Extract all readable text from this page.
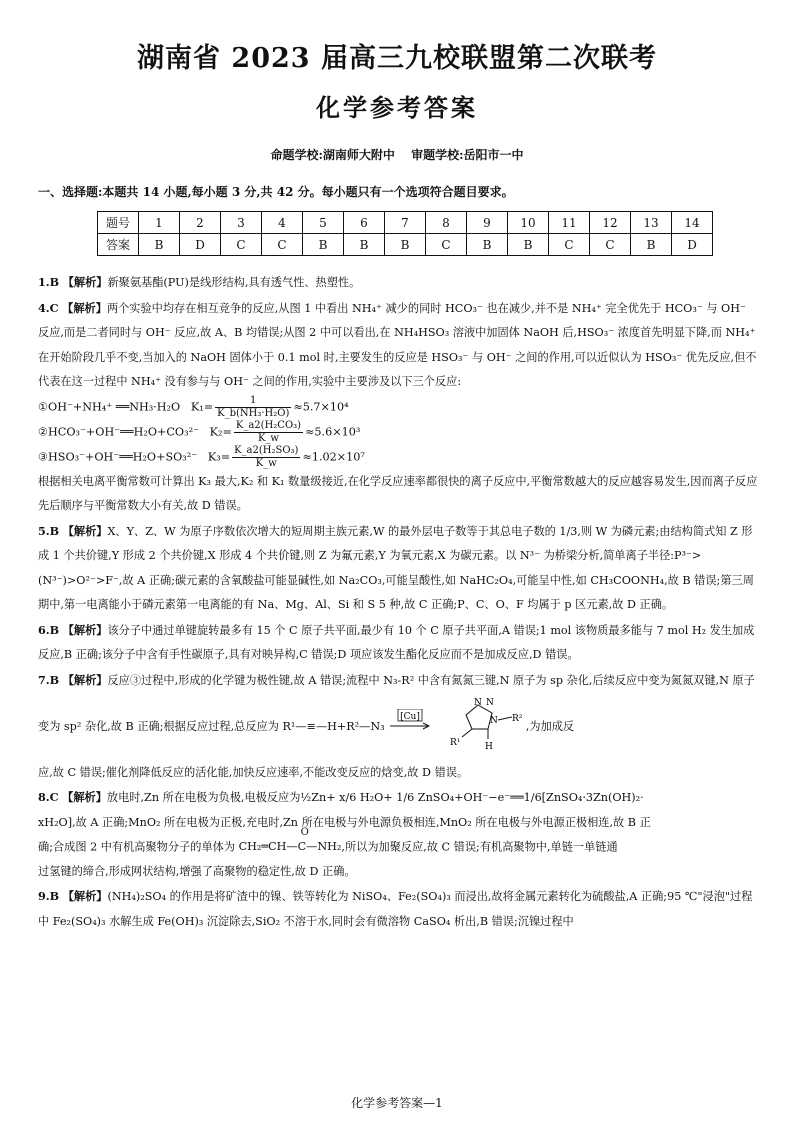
湖南省 2023 届高三九校联盟第二次联考
化学参考答案
命题学校:湖南师大附中 审题学校:岳阳市一中
一、选择题:本题共 14 小题,每小题 3 分,共 42 分。每小题只有一个选项符合题目要求。
题号	1	2	3	4	5	6	7	8	9	10	11	12	13	14
答案	B	D	C	C	B	B	B	C	B	B	C	C	B	D

1.B 【解析】新聚氨基酯(PU)是线形结构,具有透气性、热塑性。

4.C 【解析】两个实验中均存在相互竞争的反应,从图 1 中看出 NH₄⁺ 减少的同时 HCO₃⁻ 也在减少,并不是 NH₄⁺ 完全优先于 HCO₃⁻ 与 OH⁻ 反应,而是二者同时与 OH⁻ 反应,故 A、B 均错误;从图 2 中可以看出,在 NH₄HSO₃ 溶液中加固体 NaOH 后,HSO₃⁻ 浓度首先明显下降,而 NH₄⁺ 在开始阶段几乎不变,当加入的 NaOH 固体小于 0.1 mol 时,主要发生的反应是 HSO₃⁻ 与 OH⁻ 之间的作用,可以近似认为 HSO₃⁻ 优先反应,但不代表在这一过程中 NH₄⁺ 没有参与与 OH⁻ 之间的作用,实验中主要涉及以下三个反应:

①OH⁻+NH₄⁺ ══NH₃·H₂O $K_1= \frac{1}{\text{K\_b(NH₃·H₂O)}} \approx 5.7\times 10^4$

②HCO₃⁻+OH⁻══H₂O+CO₃²⁻ $K_2= \frac{\text{K\_a2(H₂CO₃)}}{K\_w} \approx 5.6\times 10^3$

③HSO₃⁻+OH⁻══H₂O+SO₃²⁻ $K_3= \frac{\text{K\_a2(H₂SO₃)}}{K\_w} \approx 1.02\times 10^7$

根据相关电离平衡常数可计算出 K₃ 最大,K₂ 和 K₁ 数量级接近,在化学反应速率都很快的离子反应中,平衡常数越大的反应越容易发生,因而离子反应先后顺序与平衡常数大小有关,故 D 错误。

5.B 【解析】X、Y、Z、W 为原子序数依次增大的短周期主族元素,W 的最外层电子数等于其总电子数的 1/3,则 W 为磷元素;由结构简式知 Z 形成 1 个共价键,Y 形成 2 个共价键,X 形成 4 个共价键,则 Z 为氟元素,Y 为氧元素,X 为碳元素。以 N³⁻ 为桥梁分析,简单离子半径:P³⁻>(N³⁻)>O²⁻>F⁻,故 A 正确;碳元素的含氧酸盐可能显碱性,如 Na₂CO₃,可能呈酸性,如 NaHC₂O₄,可能呈中性,如 CH₃COONH₄,故 B 错误;第三周期中,第一电离能小于磷元素第一电离能的有 Na、Mg、Al、Si 和 S 5 种,故 C 正确;P、C、O、F 均属于 p 区元素,故 D 正确。

6.B 【解析】该分子中通过单键旋转最多有 15 个 C 原子共平面,最少有 10 个 C 原子共平面,A 错误;1 mol 该物质最多能与 7 mol H₂ 发生加成反应,B 正确;该分子中含有手性碳原子,具有对映异构,C 错误;D 项应该发生酯化反应而不是加成反应,D 错误。

7.B 【解析】反应③过程中,形成的化学键为极性键,故 A 错误;流程中 N₃-R² 中含有氮氮三键,N 原子为 sp 杂化,后续反应中变为氮氮双键,N 原子变为 sp² 杂化,故 B 正确;根据反应过程,总反应为 R¹—≡—H+R²—N₃
[Cu]

N N
N R²
R¹	H
,为加成反

应,故 C 错误;催化剂降低反应的活化能,加快反应速率,不能改变反应的焓变,故 D 错误。

8.C 【解析】放电时,Zn 所在电极为负极,电极反应为½Zn+ x/6 H₂O+ 1/6 ZnSO₄+OH⁻−e⁻══1/6[ZnSO₄·3Zn(OH)₂·

xH₂O],故 A 正确;MnO₂ 所在电极为正极,充电时,Zn 所在电极与外电源负极相连,MnO₂ 所在电极与外电源正极相连,故 B 正

确;合成图 2 中有机高聚物分子的单体为
O
CH₂═CH—C—NH₂,所以为加聚反应,故 C 错误;有机高聚物中,单链一单链通

过氢键的缔合,形成网状结构,增强了高聚物的稳定性,故 D 正确。

9.B 【解析】(NH₄)₂SO₄ 的作用是将矿渣中的镍、铁等转化为 NiSO₄、Fe₂(SO₄)₃ 而浸出,故将金属元素转化为硫酸盐,A 正确;95 ℃"浸泡"过程中 Fe₂(SO₄)₃ 水解生成 Fe(OH)₃ 沉淀除去,SiO₂ 不溶于水,同时会有微溶物 CaSO₄ 析出,B 错误;沉镍过程中

化学参考答案—1
